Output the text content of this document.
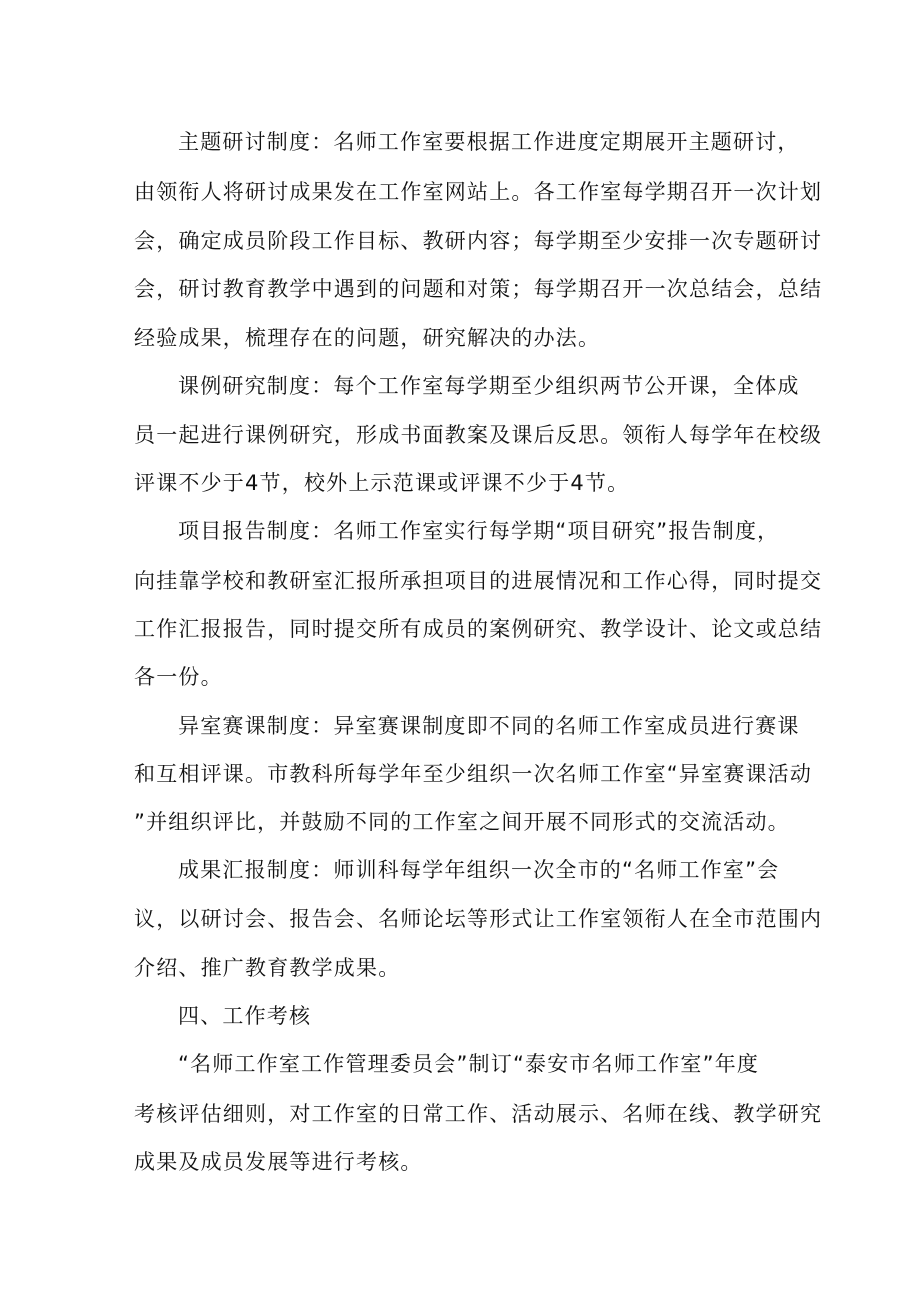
主题研讨制度：名师工作室要根据工作进度定期展开主题研讨，
由领衔人将研讨成果发在工作室网站上。各工作室每学期召开一次计划
会，确定成员阶段工作目标、教研内容；每学期至少安排一次专题研讨
会，研讨教育教学中遇到的问题和对策；每学期召开一次总结会，总结
经验成果，梳理存在的问题，研究解决的办法。
课例研究制度：每个工作室每学期至少组织两节公开课，全体成
员一起进行课例研究，形成书面教案及课后反思。领衔人每学年在校级
评课不少于4节，校外上示范课或评课不少于4节。
项目报告制度：名师工作室实行每学期“项目研究”报告制度，
向挂靠学校和教研室汇报所承担项目的进展情况和工作心得，同时提交
工作汇报报告，同时提交所有成员的案例研究、教学设计、论文或总结
各一份。
异室赛课制度：异室赛课制度即不同的名师工作室成员进行赛课
和互相评课。市教科所每学年至少组织一次名师工作室“异室赛课活动
”并组织评比，并鼓励不同的工作室之间开展不同形式的交流活动。
成果汇报制度：师训科每学年组织一次全市的“名师工作室”会
议，以研讨会、报告会、名师论坛等形式让工作室领衔人在全市范围内
介绍、推广教育教学成果。
四、工作考核
“名师工作室工作管理委员会”制订“泰安市名师工作室”年度
考核评估细则，对工作室的日常工作、活动展示、名师在线、教学研究
成果及成员发展等进行考核。
